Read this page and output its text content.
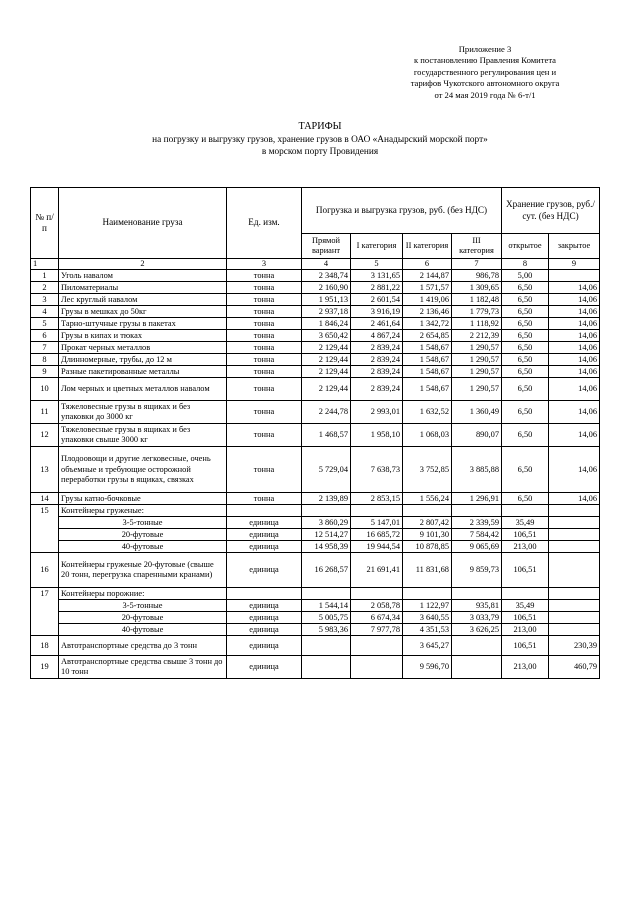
Приложение 3
к постановлению Правления Комитета
государственного регулирования цен и
тарифов Чукотского автономного округа
от 24 мая 2019 года № 6-т/1
ТАРИФЫ
на погрузку и выгрузку грузов, хранение грузов в ОАО «Анадырский морской порт»
в морском порту Провидения
№ п/п	Наименование груза	Ед. изм.	Погрузка и выгрузка грузов, руб. (без НДС)				Хранение грузов, руб./сут. (без НДС)	
			Прямой вариант	I категория	II категория	III категория	открытое	закрытое
1	2	3	4	5	6	7	8	9
1	Уголь навалом	тонна	2 348,74	3 131,65	2 144,87	986,78	5,00	
2	Пиломатериалы	тонна	2 160,90	2 881,22	1 571,57	1 309,65	6,50	14,06
3	Лес круглый навалом	тонна	1 951,13	2 601,54	1 419,06	1 182,48	6,50	14,06
4	Грузы в мешках до 50кг	тонна	2 937,18	3 916,19	2 136,46	1 779,73	6,50	14,06
5	Тарно-штучные грузы в пакетах	тонна	1 846,24	2 461,64	1 342,72	1 118,92	6,50	14,06
6	Грузы в кипах и тюках	тонна	3 650,42	4 867,24	2 654,85	2 212,39	6,50	14,06
7	Прокат черных металлов	тонна	2 129,44	2 839,24	1 548,67	1 290,57	6,50	14,06
8	Длинномерные, трубы, до 12 м	тонна	2 129,44	2 839,24	1 548,67	1 290,57	6,50	14,06
9	Разные пакетированные металлы	тонна	2 129,44	2 839,24	1 548,67	1 290,57	6,50	14,06
10	Лом черных и цветных металлов навалом	тонна	2 129,44	2 839,24	1 548,67	1 290,57	6,50	14,06
11	Тяжеловесные грузы в ящиках и без упаковки до 3000 кг	тонна	2 244,78	2 993,01	1 632,52	1 360,49	6,50	14,06
12	Тяжеловесные грузы в ящиках и без упаковки свыше 3000 кг	тонна	1 468,57	1 958,10	1 068,03	890,07	6,50	14,06
13	Плодоовощи и другие легковесные, очень объемные и требующие осторожной переработки грузы в ящиках, связках	тонна	5 729,04	7 638,73	3 752,85	3 885,88	6,50	14,06
14	Грузы катно-бочковые	тонна	2 139,89	2 853,15	1 556,24	1 296,91	6,50	14,06
15	Контейнеры груженые:							
	3-5-тонные	единица	3 860,29	5 147,01	2 807,42	2 339,59	35,49	
	20-футовые	единица	12 514,27	16 685,72	9 101,30	7 584,42	106,51	
	40-футовые	единица	14 958,39	19 944,54	10 878,85	9 065,69	213,00	
16	Контейнеры груженые 20-футовые (свыше 20 тонн, перегрузка спаренными кранами)	единица	16 268,57	21 691,41	11 831,68	9 859,73	106,51	
17	Контейнеры порожние:							
	3-5-тонные	единица	1 544,14	2 058,78	1 122,97	935,81	35,49	
	20-футовые	единица	5 005,75	6 674,34	3 640,55	3 033,79	106,51	
	40-футовые	единица	5 983,36	7 977,78	4 351,53	3 626,25	213,00	
18	Автотранспортные средства до 3 тонн	единица			3 645,27		106,51	230,39
19	Автотранспортные средства свыше 3 тонн до 10 тонн	единица			9 596,70		213,00	460,79
